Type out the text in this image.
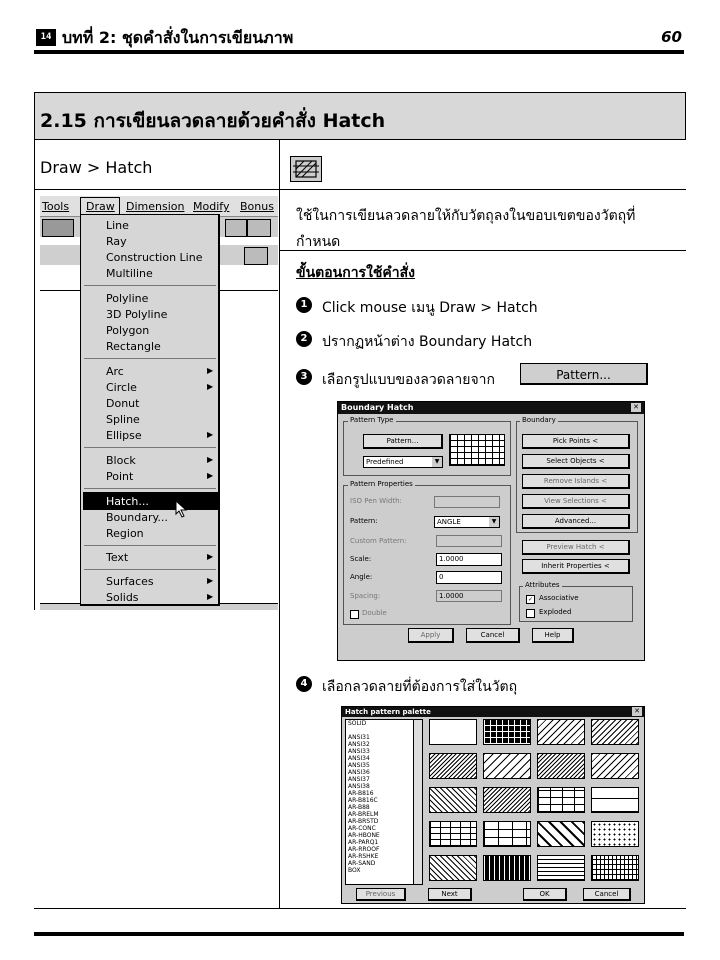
14 บทที่ 2: ชุดคำสั่งในการเขียนภาพ	60
2.15 การเขียนลวดลายด้วยคำสั่ง Hatch
Draw > Hatch
ใช้ในการเขียนลวดลายให้กับวัตถุลงในขอบเขตของวัตถุที่
กำหนด
ขั้นตอนการใช้คำสั่ง
1	Click mouse เมนู Draw > Hatch
2	ปรากฏหน้าต่าง Boundary Hatch
3	เลือกรูปแบบของลวดลายจาก	Pattern...
4	เลือกลวดลายที่ต้องการใส่ในวัตถุ
Tools Draw Dimension Modify Bonus
Line
Ray
Construction Line
Multiline
Polyline
3D Polyline
Polygon
Rectangle
Arc	▶
Circle	▶
Donut
Spline
Ellipse	▶
Block	▶
Point	▶
Hatch...
Boundary...
Region
Text	▶
Surfaces	▶
Solids	▶
Boundary Hatch	✕
Pattern Type
Pattern...
Predefined	▼
Pattern Properties
ISO Pen Width:
Pattern:	ANGLE	▼
Custom Pattern:
Scale:	1.0000
Angle:	0
Spacing:	1.0000
Double
Boundary
Pick Points <
Select Objects <
Remove Islands <
View Selections <
Advanced...
Preview Hatch <
Inherit Properties <
Attributes
✓ Associative
Exploded
Apply	Cancel	Help
Hatch pattern palette	✕
SOLID
ANGLE
ANSI31
ANSI32
ANSI33
ANSI34
ANSI35
ANSI36
ANSI37
ANSI38
AR-B816
AR-B816C
AR-B88
AR-BRELM
AR-BRSTD
AR-CONC
AR-HBONE
AR-PARQ1
AR-RROOF
AR-RSHKE
AR-SAND
BOX
Previous	Next	OK	Cancel
